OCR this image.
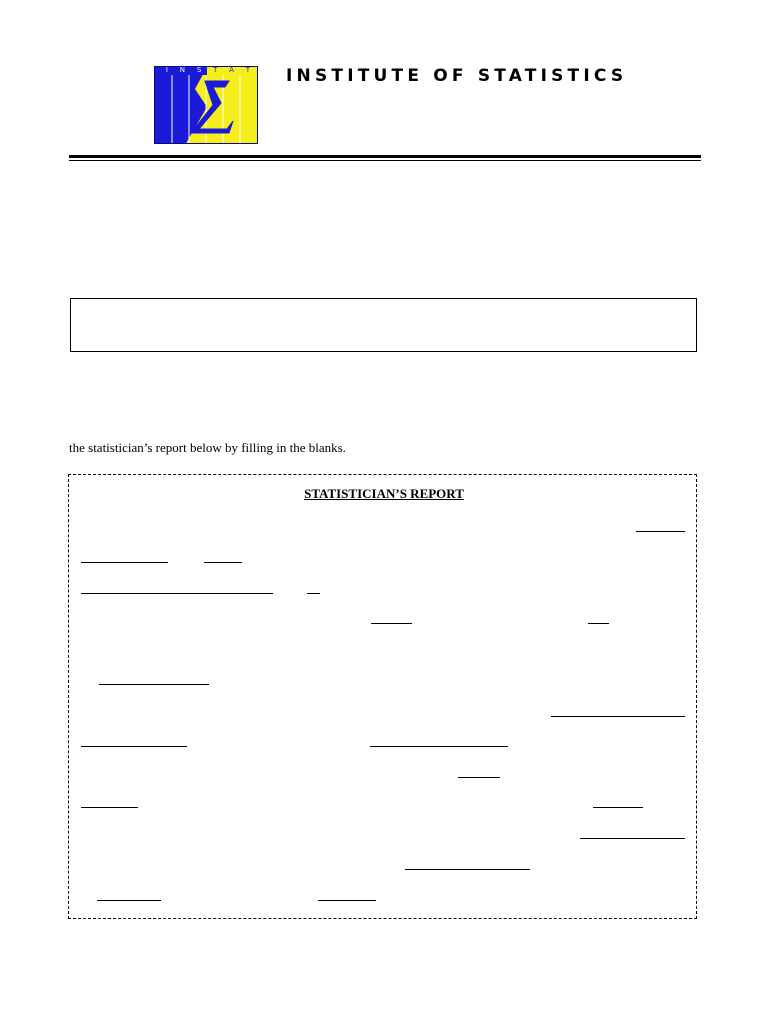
I N S T A T INSTITUTE OF STATISTICS
the statistician’s report below by filling in the blanks.
STATISTICIAN’S REPORT
